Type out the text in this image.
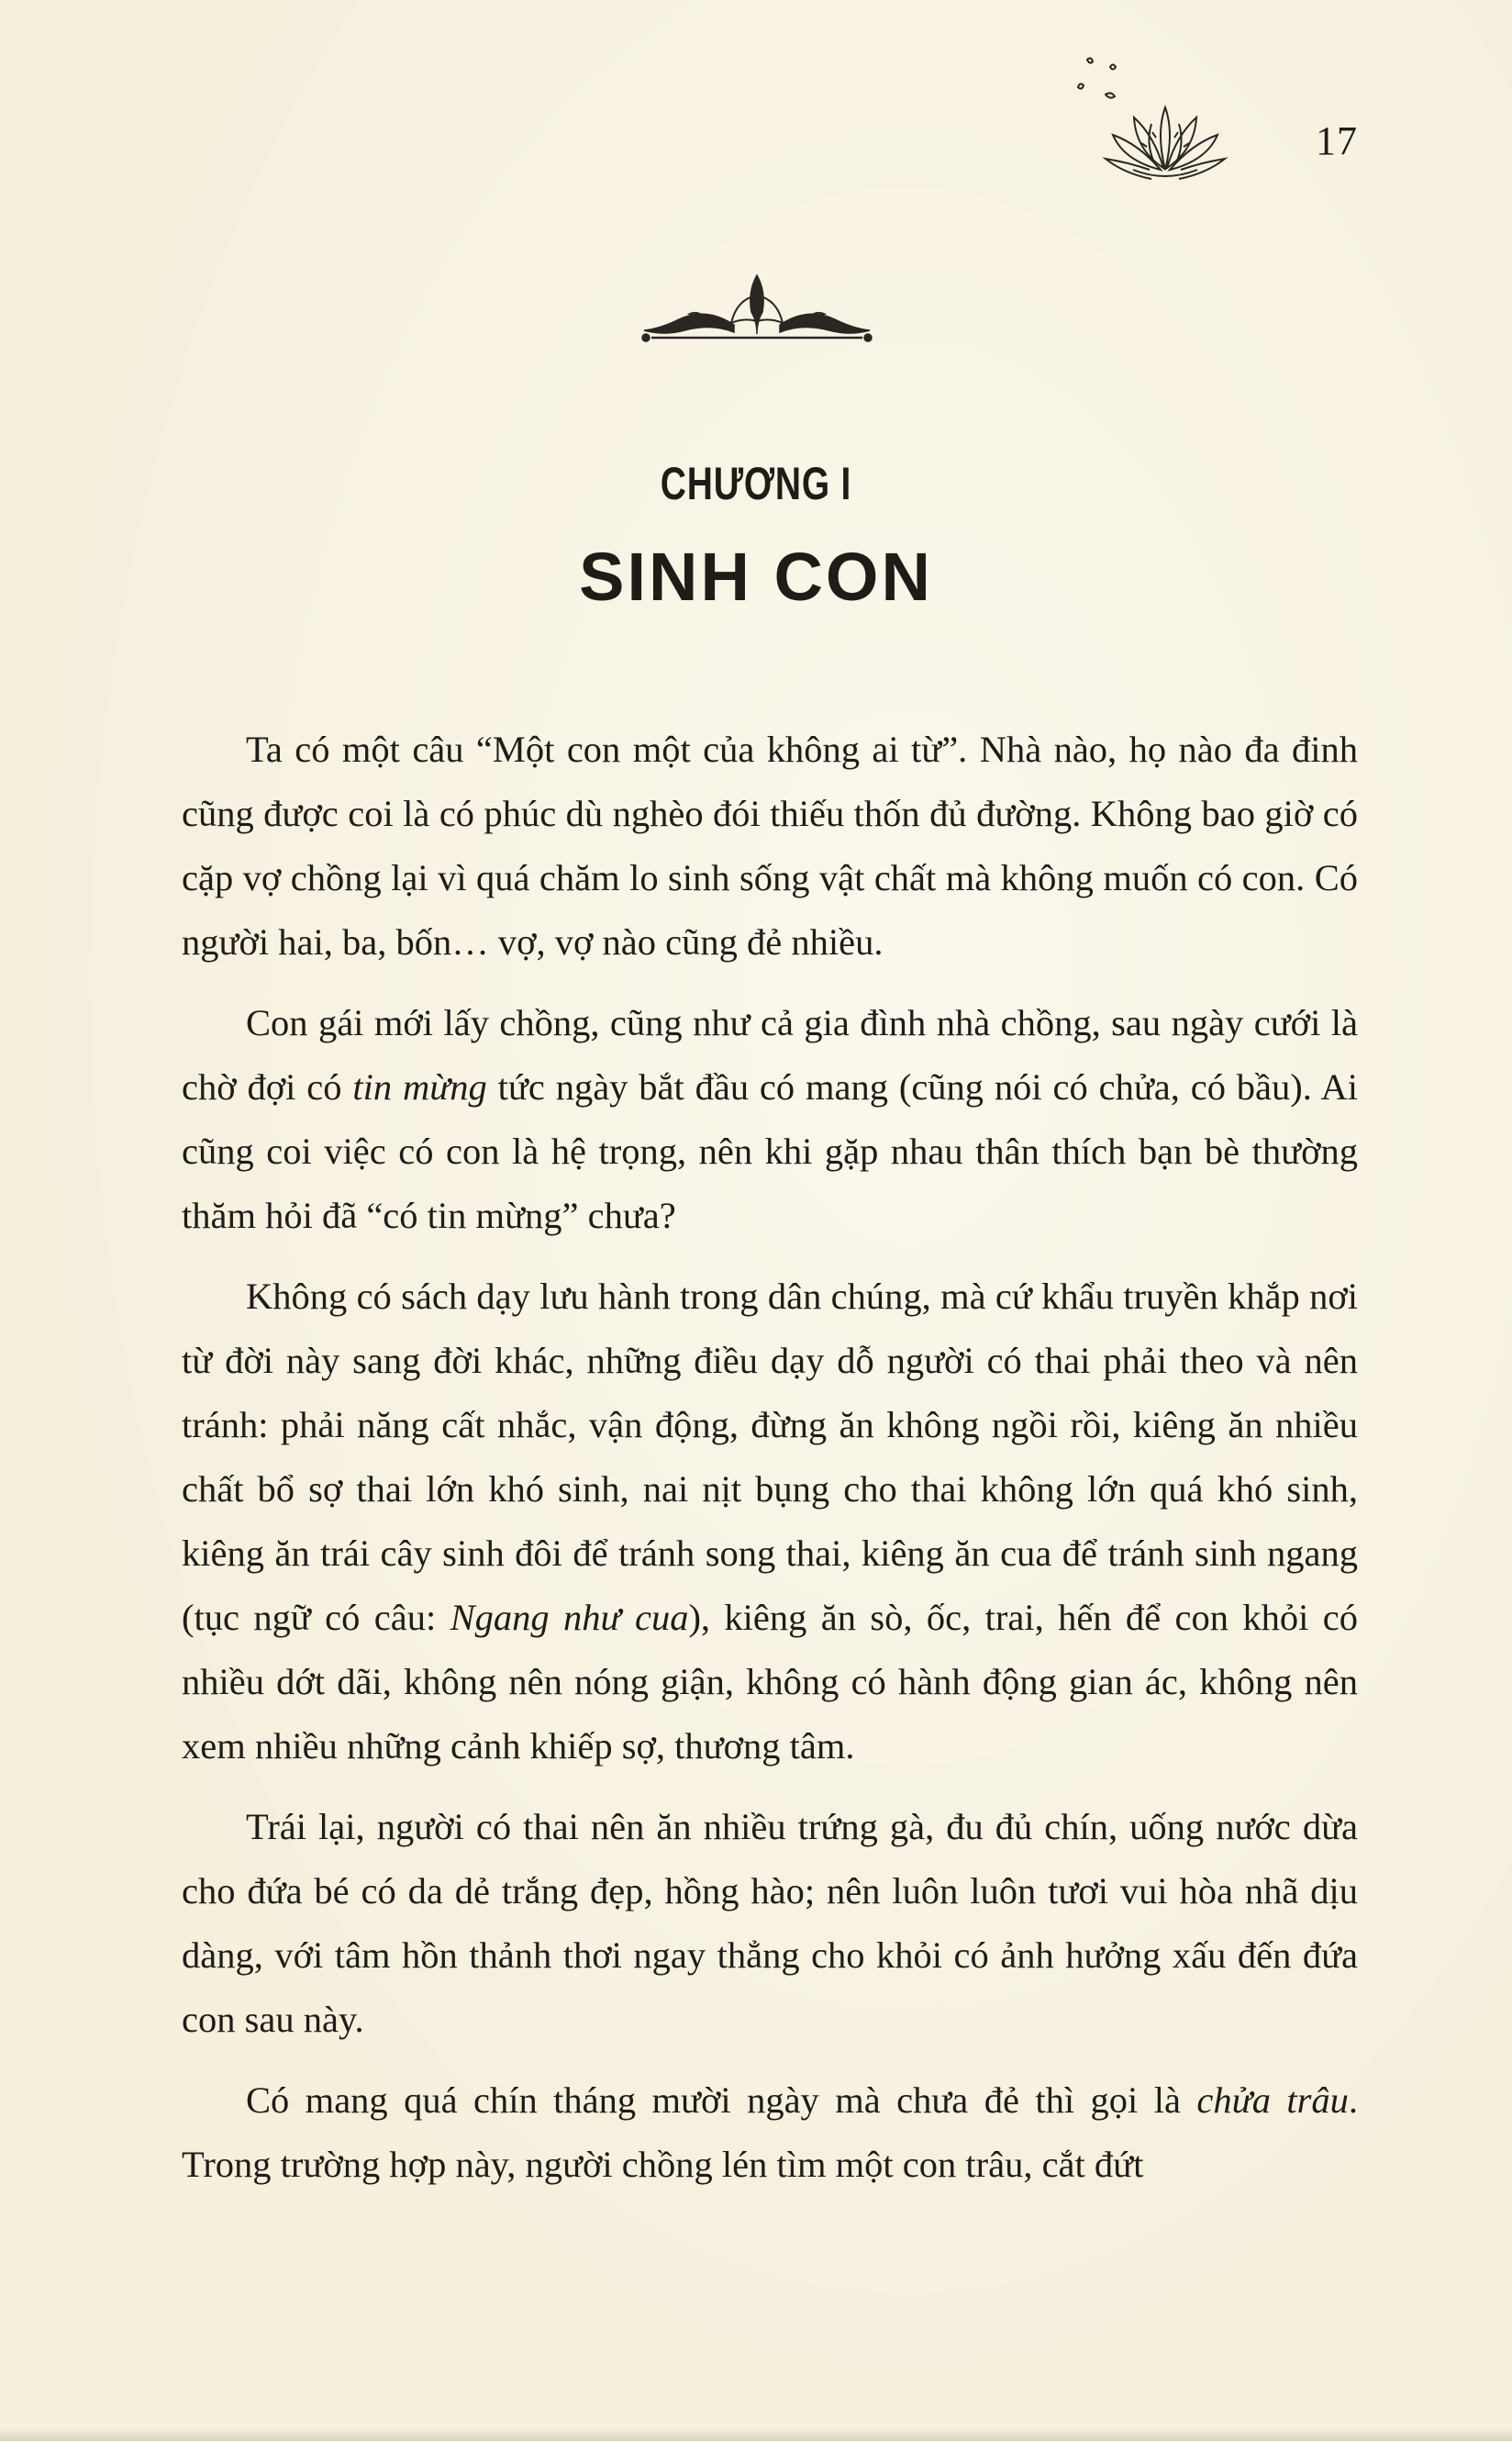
17
CHƯƠNG I
SINH CON

Ta có một câu “Một con một của không ai từ”. Nhà nào, họ nào đa đinh cũng được coi là có phúc dù nghèo đói thiếu thốn đủ đường. Không bao giờ có cặp vợ chồng lại vì quá chăm lo sinh sống vật chất mà không muốn có con. Có người hai, ba, bốn… vợ, vợ nào cũng đẻ nhiều.

Con gái mới lấy chồng, cũng như cả gia đình nhà chồng, sau ngày cưới là chờ đợi có tin mừng tức ngày bắt đầu có mang (cũng nói có chửa, có bầu). Ai cũng coi việc có con là hệ trọng, nên khi gặp nhau thân thích bạn bè thường thăm hỏi đã “có tin mừng” chưa?

Không có sách dạy lưu hành trong dân chúng, mà cứ khẩu truyền khắp nơi từ đời này sang đời khác, những điều dạy dỗ người có thai phải theo và nên tránh: phải năng cất nhắc, vận động, đừng ăn không ngồi rồi, kiêng ăn nhiều chất bổ sợ thai lớn khó sinh, nai nịt bụng cho thai không lớn quá khó sinh, kiêng ăn trái cây sinh đôi để tránh song thai, kiêng ăn cua để tránh sinh ngang (tục ngữ có câu: Ngang như cua), kiêng ăn sò, ốc, trai, hến để con khỏi có nhiều dớt dãi, không nên nóng giận, không có hành động gian ác, không nên xem nhiều những cảnh khiếp sợ, thương tâm.

Trái lại, người có thai nên ăn nhiều trứng gà, đu đủ chín, uống nước dừa cho đứa bé có da dẻ trắng đẹp, hồng hào; nên luôn luôn tươi vui hòa nhã dịu dàng, với tâm hồn thảnh thơi ngay thẳng cho khỏi có ảnh hưởng xấu đến đứa con sau này.

Có mang quá chín tháng mười ngày mà chưa đẻ thì gọi là chửa trâu. Trong trường hợp này, người chồng lén tìm một con trâu, cắt đứt
